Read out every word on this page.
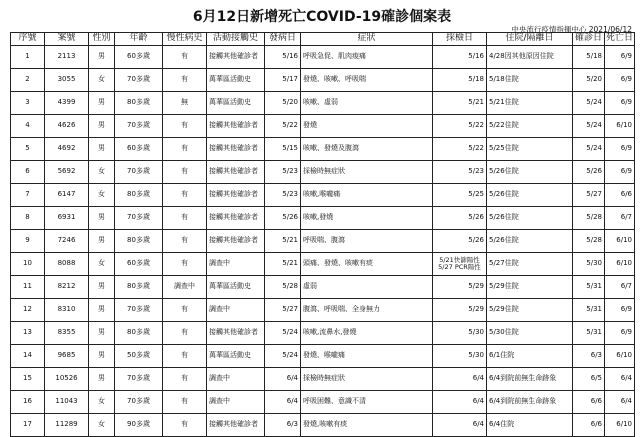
6月12日新增死亡COVID-19確診個案表
中央流行疫情指揮中心 2021/06/12
序號	案號	性別	年齡	慢性病史	活動接觸史	發病日	症狀	採檢日	住院/隔離日	確診日	死亡日
1	2113	男	60多歲	有	接觸其他確診者	5/16	呼吸急促、肌肉痠痛	5/16	4/28因其他原因住院	5/18	6/9
2	3055	女	70多歲	有	萬華區活動史	5/17	發燒、咳嗽、呼吸喘	5/18	5/18住院	5/20	6/9
3	4399	男	80多歲	無	萬華區活動史	5/20	咳嗽、虛弱	5/21	5/21住院	5/24	6/9
4	4626	男	70多歲	有	接觸其他確診者	5/22	發燒	5/22	5/22住院	5/24	6/10
5	4692	男	60多歲	有	接觸其他確診者	5/15	咳嗽、發燒及腹瀉	5/22	5/25住院	5/24	6/9
6	5692	女	70多歲	有	接觸其他確診者	5/23	採檢時無症狀	5/23	5/26住院	5/26	6/9
7	6147	女	80多歲	有	接觸其他確診者	5/23	咳嗽,喉嚨痛	5/25	5/26住院	5/27	6/6
8	6931	男	70多歲	有	接觸其他確診者	5/26	咳嗽,發燒	5/26	5/26住院	5/28	6/7
9	7246	男	80多歲	有	接觸其他確診者	5/21	呼吸喘、腹瀉	5/26	5/26住院	5/28	6/10
10	8088	女	60多歲	有	調查中	5/21	頭痛、發燒、咳嗽有痰	5/21快篩陽性
5/27 PCR陽性	5/27住院	5/30	6/10
11	8212	男	80多歲	調查中	萬華區活動史	5/28	虛弱	5/29	5/29住院	5/31	6/7
12	8310	男	70多歲	有	調查中	5/27	腹瀉、呼吸喘、全身無力	5/29	5/29住院	5/31	6/9
13	8355	男	80多歲	有	接觸其他確診者	5/24	咳嗽,流鼻水,發燒	5/30	5/30住院	5/31	6/9
14	9685	男	50多歲	有	萬華區活動史	5/24	發燒、喉嚨痛	5/30	6/1住院	6/3	6/10
15	10526	男	70多歲	有	調查中	6/4	採檢時無症狀	6/4	6/4到院前無生命跡象	6/5	6/4
16	11043	女	70多歲	有	調查中	6/4	呼吸困難、意識不清	6/4	6/4到院前無生命跡象	6/6	6/4
17	11289	女	90多歲	有	接觸其他確診者	6/3	發燒,咳嗽有痰	6/4	6/4住院	6/6	6/10
